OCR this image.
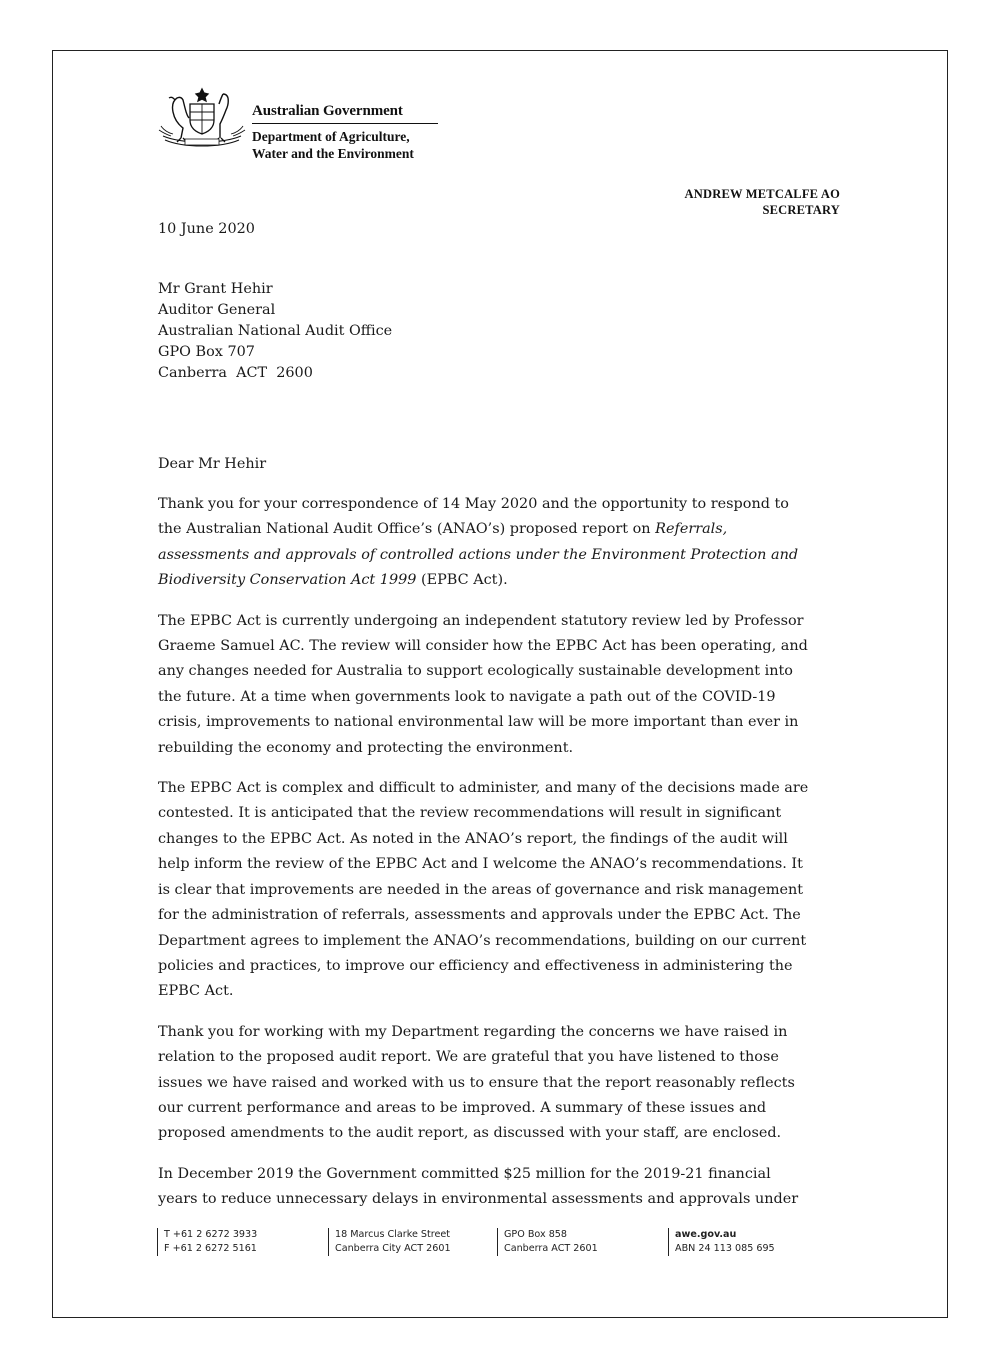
Australian Government
Department of Agriculture,
Water and the Environment
ANDREW METCALFE AO
SECRETARY
10 June 2020
Mr Grant Hehir
Auditor General
Australian National Audit Office
GPO Box 707
Canberra  ACT  2600
Dear Mr Hehir

Thank you for your correspondence of 14 May 2020 and the opportunity to respond to
the Australian National Audit Office’s (ANAO’s) proposed report on Referrals,
assessments and approvals of controlled actions under the Environment Protection and
Biodiversity Conservation Act 1999 (EPBC Act).

The EPBC Act is currently undergoing an independent statutory review led by Professor
Graeme Samuel AC. The review will consider how the EPBC Act has been operating, and
any changes needed for Australia to support ecologically sustainable development into
the future. At a time when governments look to navigate a path out of the COVID-19
crisis, improvements to national environmental law will be more important than ever in
rebuilding the economy and protecting the environment.

The EPBC Act is complex and difficult to administer, and many of the decisions made are
contested. It is anticipated that the review recommendations will result in significant
changes to the EPBC Act. As noted in the ANAO’s report, the findings of the audit will
help inform the review of the EPBC Act and I welcome the ANAO’s recommendations. It
is clear that improvements are needed in the areas of governance and risk management
for the administration of referrals, assessments and approvals under the EPBC Act. The
Department agrees to implement the ANAO’s recommendations, building on our current
policies and practices, to improve our efficiency and effectiveness in administering the
EPBC Act.

Thank you for working with my Department regarding the concerns we have raised in
relation to the proposed audit report. We are grateful that you have listened to those
issues we have raised and worked with us to ensure that the report reasonably reflects
our current performance and areas to be improved. A summary of these issues and
proposed amendments to the audit report, as discussed with your staff, are enclosed.

In December 2019 the Government committed $25 million for the 2019-21 financial
years to reduce unnecessary delays in environmental assessments and approvals under

T +61 2 6272 3933
F +61 2 6272 5161
18 Marcus Clarke Street
Canberra City ACT 2601
GPO Box 858
Canberra ACT 2601
awe.gov.au
ABN 24 113 085 695
